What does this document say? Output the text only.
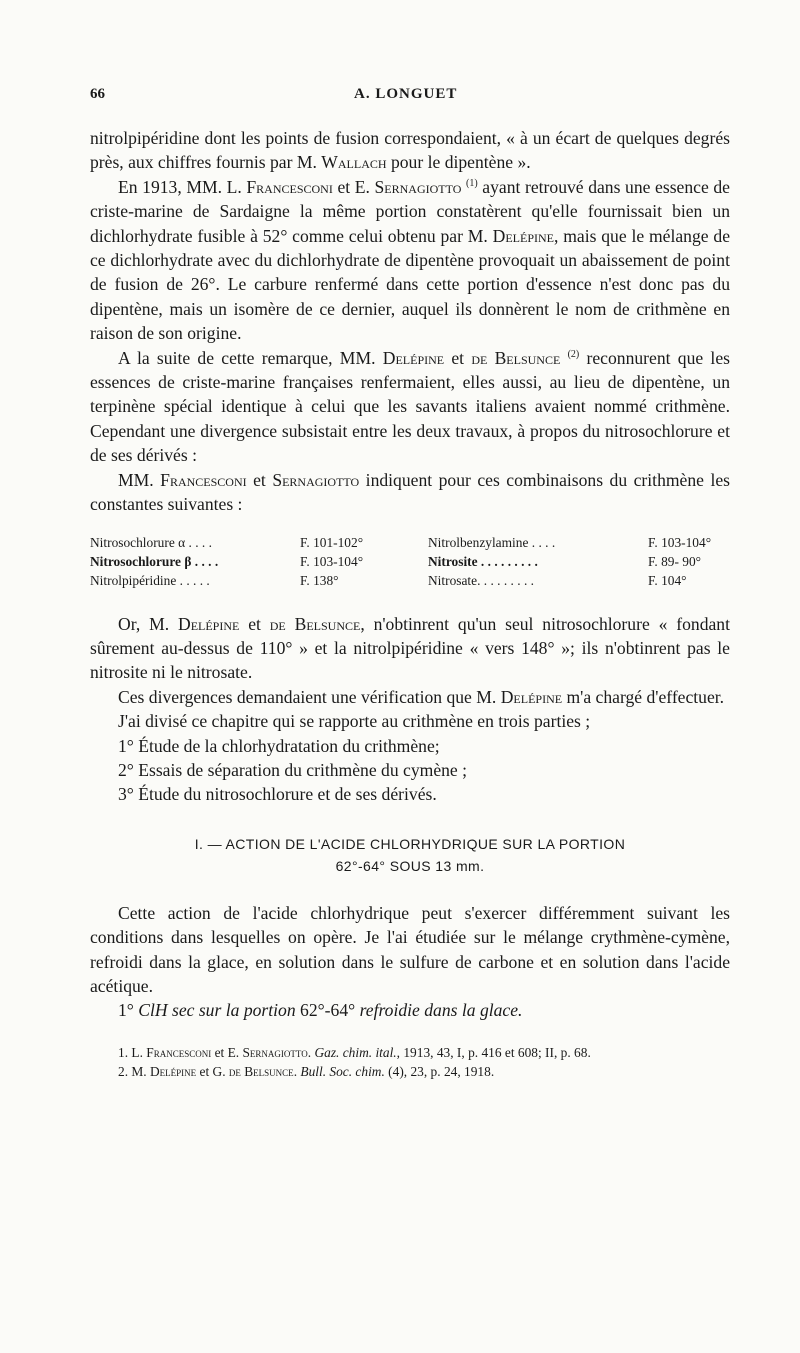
66	A. LONGUET

nitrolpipéridine dont les points de fusion correspondaient, « à un écart de quelques degrés près, aux chiffres fournis par M. Wallach pour le dipentène ».

En 1913, MM. L. Francesconi et E. Sernagiotto $^{(1)}$ ayant retrouvé dans une essence de criste-marine de Sardaigne la même portion constatèrent qu'elle fournissait bien un dichlorhydrate fusible à 52° comme celui obtenu par M. Delépine, mais que le mélange de ce dichlorhydrate avec du dichlorhydrate de dipentène provoquait un abaissement de point de fusion de 26°. Le carbure renfermé dans cette portion d'essence n'est donc pas du dipentène, mais un isomère de ce dernier, auquel ils donnèrent le nom de crithmène en raison de son origine.

A la suite de cette remarque, MM. Delépine et de Belsunce $^{(2)}$ reconnurent que les essences de criste-marine françaises renfermaient, elles aussi, au lieu de dipentène, un terpinène spécial identique à celui que les savants italiens avaient nommé crithmène. Cependant une divergence subsistait entre les deux travaux, à propos du nitrosochlorure et de ses dérivés :

MM. Francesconi et Sernagiotto indiquent pour ces combinaisons du crithmène les constantes suivantes :

Nitrosochlorure α . . . .	F. 101-102°	Nitrolbenzylamine . . . .	F. 103-104°
Nitrosochlorure β . . . .	F. 103-104°	Nitrosite . . . . . . . . .	F. 89- 90°
Nitrolpipéridine . . . . .	F. 138°	Nitrosate. . . . . . . . .	F. 104°

Or, M. Delépine et de Belsunce, n'obtinrent qu'un seul nitrosochlorure « fondant sûrement au-dessus de 110° » et la nitrolpipéridine « vers 148° »; ils n'obtinrent pas le nitrosite ni le nitrosate.

Ces divergences demandaient une vérification que M. Delépine m'a chargé d'effectuer.

J'ai divisé ce chapitre qui se rapporte au crithmène en trois parties ;

1° Étude de la chlorhydratation du crithmène;

2° Essais de séparation du crithmène du cymène ;

3° Étude du nitrosochlorure et de ses dérivés.

I. — ACTION DE L'ACIDE CHLORHYDRIQUE SUR LA PORTION
62°-64° SOUS 13 mm.

Cette action de l'acide chlorhydrique peut s'exercer différemment suivant les conditions dans lesquelles on opère. Je l'ai étudiée sur le mélange crythmène-cymène, refroidi dans la glace, en solution dans le sulfure de carbone et en solution dans l'acide acétique.

1° ClH sec sur la portion 62°-64° refroidie dans la glace.

1. L. Francesconi et E. Sernagiotto. Gaz. chim. ital., 1913, 43, I, p. 416 et 608; II, p. 68.
2. M. Delépine et G. de Belsunce. Bull. Soc. chim. (4), 23, p. 24, 1918.
